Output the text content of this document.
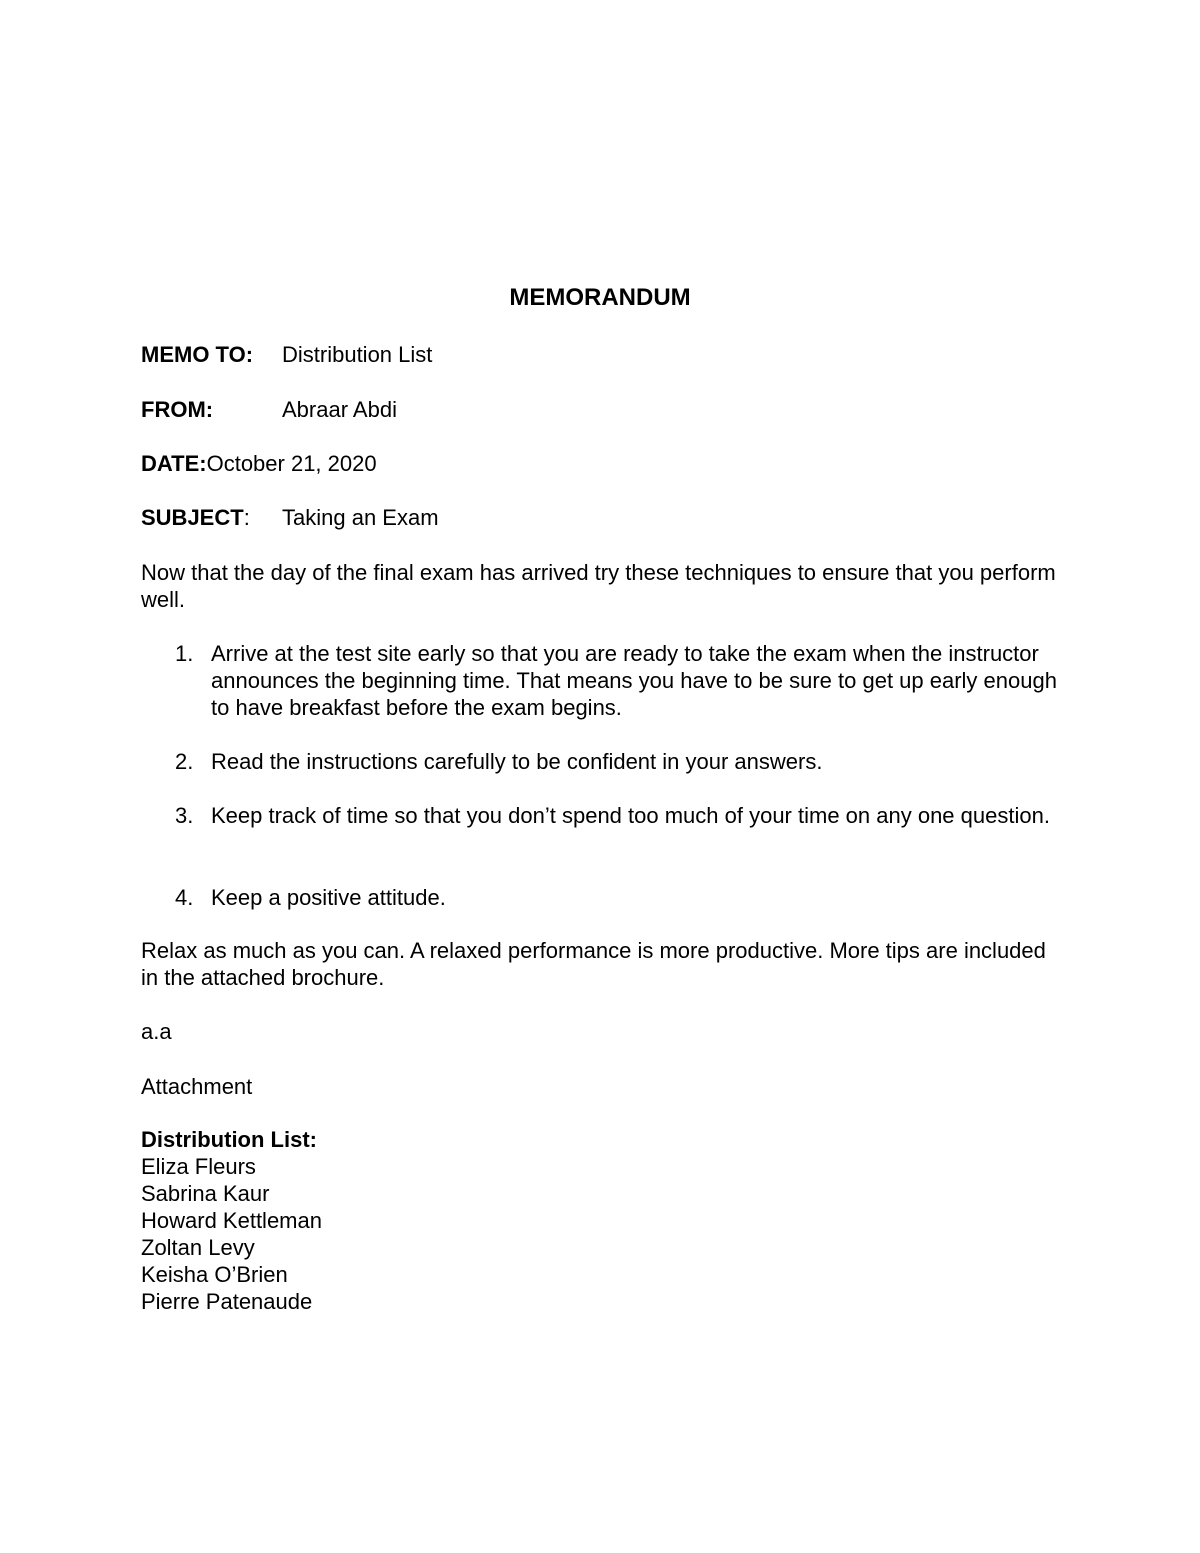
MEMORANDUM
MEMO TO: Distribution List
FROM:	Abraar Abdi
DATE:October 21, 2020
SUBJECT: Taking an Exam
Now that the day of the final exam has arrived try these techniques to ensure that you perform well.
1. Arrive at the test site early so that you are ready to take the exam when the instructor announces the beginning time. That means you have to be sure to get up early enough to have breakfast before the exam begins.
2. Read the instructions carefully to be confident in your answers.
3. Keep track of time so that you don’t spend too much of your time on any one question.
4. Keep a positive attitude.
Relax as much as you can. A relaxed performance is more productive. More tips are included in the attached brochure.
a.a
Attachment
Distribution List:
Eliza Fleurs
Sabrina Kaur
Howard Kettleman
Zoltan Levy
Keisha O’Brien
Pierre Patenaude
